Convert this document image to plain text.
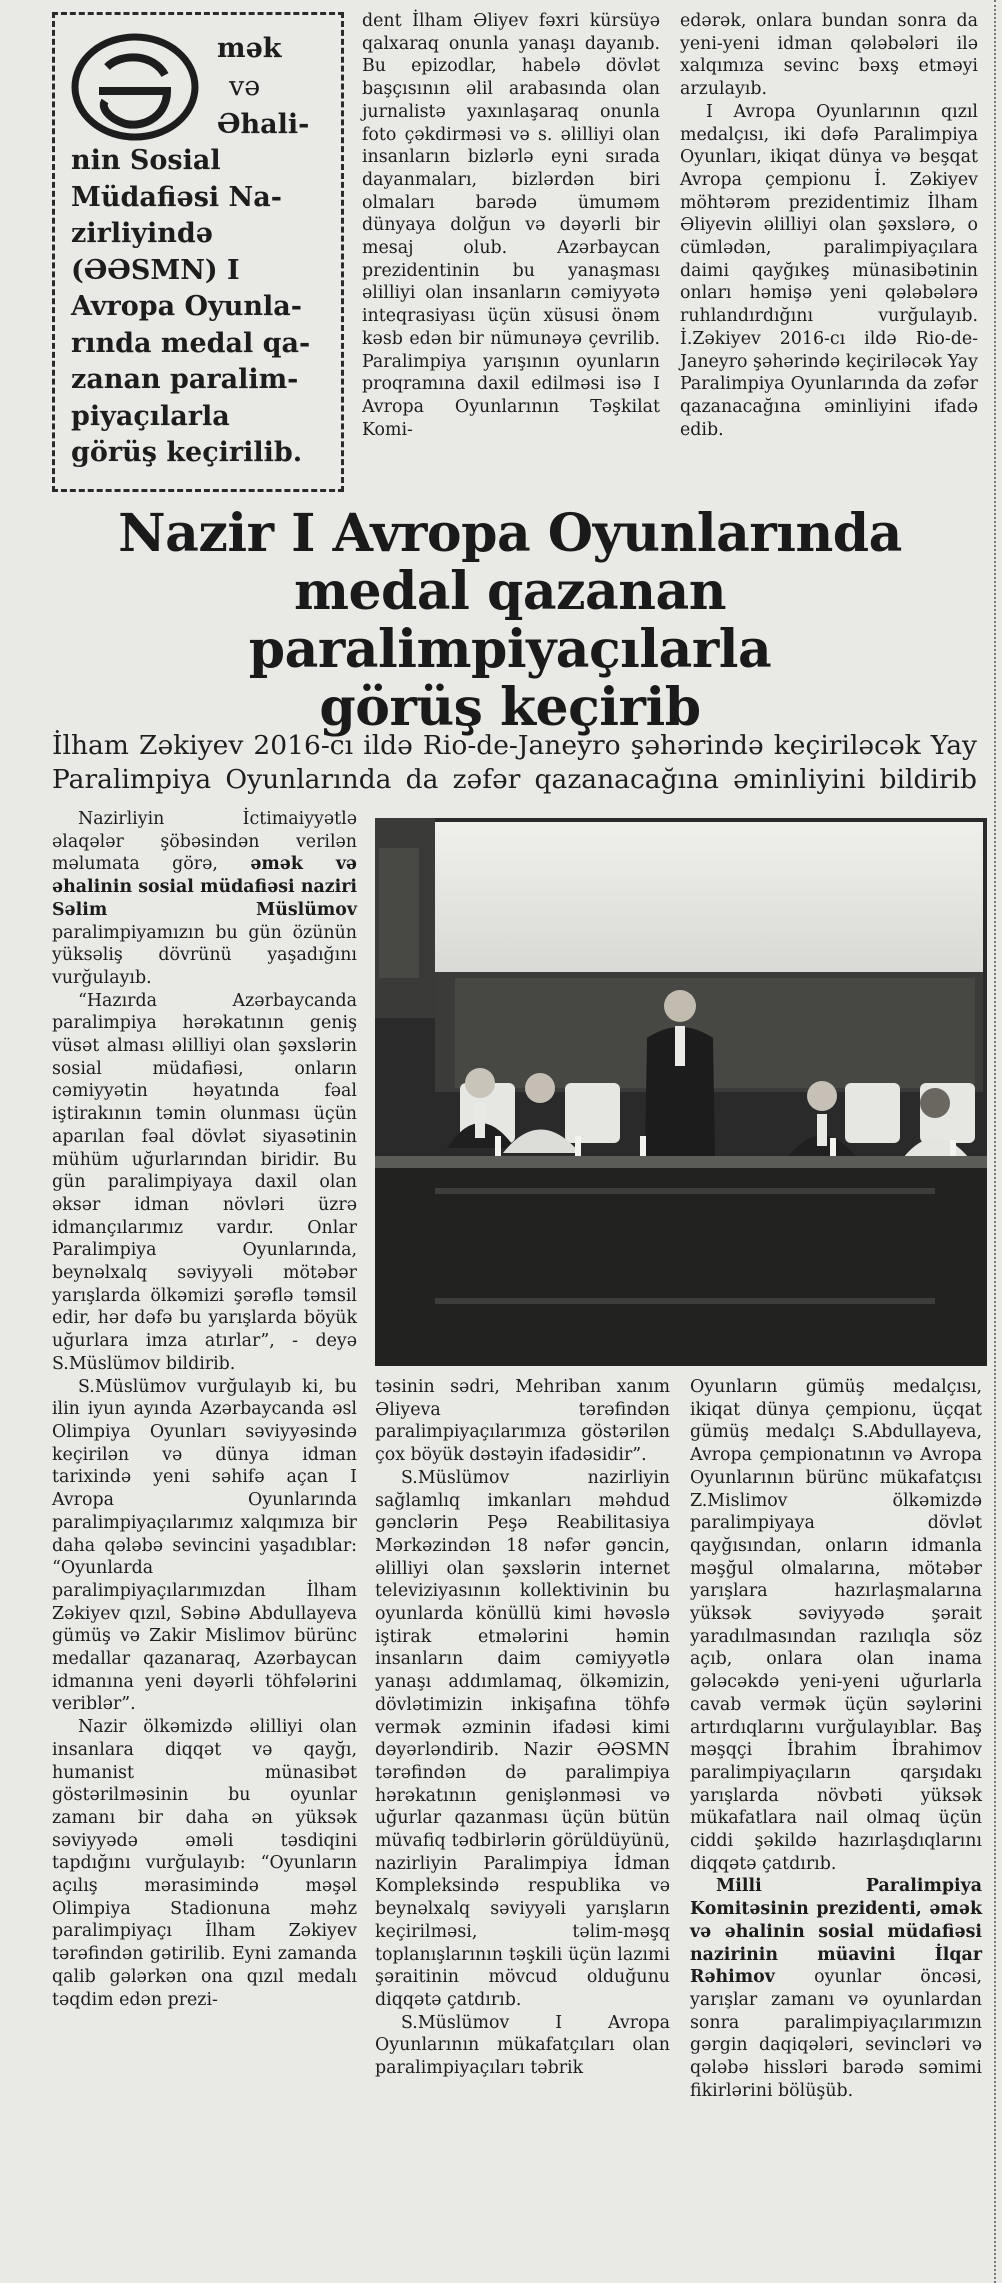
mək
və
Əhali-
nin Sosial
Müdafiəsi Na-
zirliyində
(ƏƏSMN) I
Avropa Oyunla-
rında medal qa-
zanan paralim-
piyaçılarla
görüş keçirilib.

dent İlham Əliyev fəxri kürsüyə qalxaraq onunla yanaşı dayanıb. Bu epizodlar, habelə dövlət başçısının əlil arabasında olan jurnalistə yaxınlaşaraq onunla foto çəkdirməsi və s. əlilliyi olan insanların bizlərlə eyni sırada dayanmaları, bizlərdən biri olmaları barədə ümuməm dünyaya dolğun və dəyərli bir mesaj olub. Azərbaycan prezidentinin bu yanaşması əlilliyi olan insanların cəmiyyətə inteqrasiyası üçün xüsusi önəm kəsb edən bir nümunəyə çevrilib. Paralimpiya yarışının oyunların proqramına daxil edilməsi isə I Avropa Oyunlarının Təşkilat Komi-

edərək, onlara bundan sonra da yeni-yeni idman qələbələri ilə xalqımıza sevinc bəxş etməyi arzulayıb.

I Avropa Oyunlarının qızıl medalçısı, iki dəfə Paralimpiya Oyunları, ikiqat dünya və beşqat Avropa çempionu İ. Zəkiyev möhtərəm prezidentimiz İlham Əliyevin əlilliyi olan şəxslərə, o cümlədən, paralimpiyaçılara daimi qayğıkeş münasibətinin onları həmişə yeni qələbələrə ruhlandırdığını vurğulayıb. İ.Zəkiyev 2016-cı ildə Rio-de-Janeyro şəhərində keçiriləcək Yay Paralimpiya Oyunlarında da zəfər qazanacağına əminliyini ifadə edib.

Nazir I Avropa Oyunlarında
medal qazanan paralimpiyaçılarla
görüş keçirib
İlham Zəkiyev 2016-cı ildə Rio-de-Janeyro şəhərində keçiriləcək Yay Paralimpiya Oyunlarında da zəfər qazanacağına əminliyini bildirib

Nazirliyin İctimaiyyətlə əlaqələr şöbəsindən verilən məlumata görə, əmək və əhalinin sosial müdafiəsi naziri Səlim Müslümov paralimpiyamızın bu gün özünün yüksəliş dövrünü yaşadığını vurğulayıb.

“Hazırda Azərbaycanda paralimpiya hərəkatının geniş vüsət alması əlilliyi olan şəxslərin sosial müdafiəsi, onların cəmiyyətin həyatında fəal iştirakının təmin olunması üçün aparılan fəal dövlət siyasətinin mühüm uğurlarından biridir. Bu gün paralimpiyaya daxil olan əksər idman növləri üzrə idmançılarımız vardır. Onlar Paralimpiya Oyunlarında, beynəlxalq səviyyəli mötəbər yarışlarda ölkəmizi şərəflə təmsil edir, hər dəfə bu yarışlarda böyük uğurlara imza atırlar”, - deyə S.Müslümov bildirib.

S.Müslümov vurğulayıb ki, bu ilin iyun ayında Azərbaycanda əsl Olimpiya Oyunları səviyyəsində keçirilən və dünya idman tarixində yeni səhifə açan I Avropa Oyunlarında paralimpiyaçılarımız xalqımıza bir daha qələbə sevincini yaşadıblar: “Oyunlarda paralimpiyaçılarımızdan İlham Zəkiyev qızıl, Səbinə Abdullayeva gümüş və Zakir Mislimov bürünc medallar qazanaraq, Azərbaycan idmanına yeni dəyərli töhfələrini veriblər”.

Nazir ölkəmizdə əlilliyi olan insanlara diqqət və qayğı, humanist münasibət göstərilməsinin bu oyunlar zamanı bir daha ən yüksək səviyyədə əməli təsdiqini tapdığını vurğulayıb: “Oyunların açılış mərasimində məşəl Olimpiya Stadionuna məhz paralimpiyaçı İlham Zəkiyev tərəfindən gətirilib. Eyni zamanda qalib gələrkən ona qızıl medalı təqdim edən prezi-

təsinin sədri, Mehriban xanım Əliyeva tərəfindən paralimpiyaçılarımıza göstərilən çox böyük dəstəyin ifadəsidir”.

S.Müslümov nazirliyin sağlamlıq imkanları məhdud gənclərin Peşə Reabilitasiya Mərkəzindən 18 nəfər gəncin, əlilliyi olan şəxslərin internet televiziyasının kollektivinin bu oyunlarda könüllü kimi həvəslə iştirak etmələrini həmin insanların daim cəmiyyətlə yanaşı addımlamaq, ölkəmizin, dövlətimizin inkişafına töhfə vermək əzminin ifadəsi kimi dəyərləndirib. Nazir ƏƏSMN tərəfindən də paralimpiya hərəkatının genişlənməsi və uğurlar qazanması üçün bütün müvafiq tədbirlərin görüldüyünü, nazirliyin Paralimpiya İdman Kompleksində respublika və beynəlxalq səviyyəli yarışların keçirilməsi, təlim-məşq toplanışlarının təşkili üçün lazımi şəraitinin mövcud olduğunu diqqətə çatdırıb.

S.Müslümov I Avropa Oyunlarının mükafatçıları olan paralimpiyaçıları təbrik

Oyunların gümüş medalçısı, ikiqat dünya çempionu, üçqat gümüş medalçı S.Abdullayeva, Avropa çempionatının və Avropa Oyunlarının bürünc mükafatçısı Z.Mislimov ölkəmizdə paralimpiyaya dövlət qayğısından, onların idmanla məşğul olmalarına, mötəbər yarışlara hazırlaşmalarına yüksək səviyyədə şərait yaradılmasından razılıqla söz açıb, onlara olan inama gələcəkdə yeni-yeni uğurlarla cavab vermək üçün səylərini artırdıqlarını vurğulayıblar. Baş məşqçi İbrahim İbrahimov paralimpiyaçıların qarşıdakı yarışlarda növbəti yüksək mükafatlara nail olmaq üçün ciddi şəkildə hazırlaşdıqlarını diqqətə çatdırıb.

Milli Paralimpiya Komitəsinin prezidenti, əmək və əhalinin sosial müdafiəsi nazirinin müavini İlqar Rəhimov oyunlar öncəsi, yarışlar zamanı və oyunlardan sonra paralimpiyaçılarımızın gərgin daqiqələri, sevincləri və qələbə hissləri barədə səmimi fikirlərini bölüşüb.
